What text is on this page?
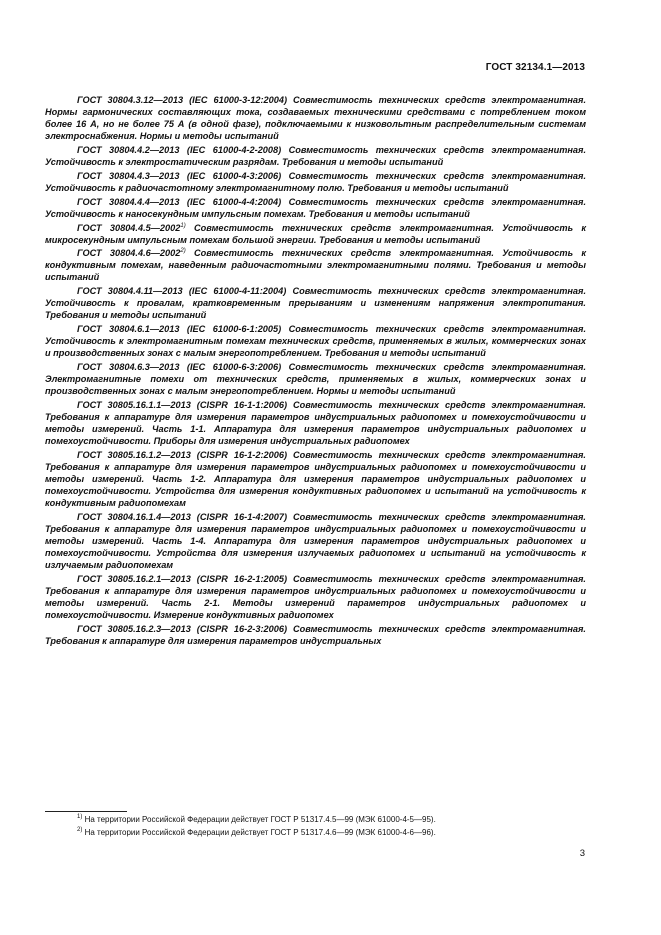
ГОСТ 32134.1—2013

ГОСТ 30804.3.12—2013 (IEC 61000-3-12:2004) Совместимость технических средств электромагнитная. Нормы гармонических составляющих тока, создаваемых техническими средствами с потреблением током более 16 А, но не более 75 А (в одной фазе), подключаемыми к низковольтным распределительным системам электроснабжения. Нормы и методы испытаний

ГОСТ 30804.4.2—2013 (IEC 61000-4-2-2008) Совместимость технических средств электромагнитная. Устойчивость к электростатическим разрядам. Требования и методы испытаний

ГОСТ 30804.4.3—2013 (IEC 61000-4-3:2006) Совместимость технических средств электромагнитная. Устойчивость к радиочастотному электромагнитному полю. Требования и методы испытаний

ГОСТ 30804.4.4—2013 (IEC 61000-4-4:2004) Совместимость технических средств электромагнитная. Устойчивость к наносекундным импульсным помехам. Требования и методы испытаний

ГОСТ 30804.4.5—2002$^{1)}$ Совместимость технических средств электромагнитная. Устойчивость к микросекундным импульсным помехам большой энергии. Требования и методы испытаний

ГОСТ 30804.4.6—2002$^{2)}$ Совместимость технических средств электромагнитная. Устойчивость к кондуктивным помехам, наведенным радиочастотными электромагнитными полями. Требования и методы испытаний

ГОСТ 30804.4.11—2013 (IEC 61000-4-11:2004) Совместимость технических средств электромагнитная. Устойчивость к провалам, кратковременным прерываниям и изменениям напряжения электропитания. Требования и методы испытаний

ГОСТ 30804.6.1—2013 (IEC 61000-6-1:2005) Совместимость технических средств электромагнитная. Устойчивость к электромагнитным помехам технических средств, применяемых в жилых, коммерческих зонах и производственных зонах с малым энергопотреблением. Требования и методы испытаний

ГОСТ 30804.6.3—2013 (IEC 61000-6-3:2006) Совместимость технических средств электромагнитная. Электромагнитные помехи от технических средств, применяемых в жилых, коммерческих зонах и производственных зонах с малым энергопотреблением. Нормы и методы испытаний

ГОСТ 30805.16.1.1—2013 (CISPR 16-1-1:2006) Совместимость технических средств электромагнитная. Требования к аппаратуре для измерения параметров индустриальных радиопомех и помехоустойчивости и методы измерений. Часть 1-1. Аппаратура для измерения параметров индустриальных радиопомех и помехоустойчивости. Приборы для измерения индустриальных радиопомех

ГОСТ 30805.16.1.2—2013 (CISPR 16-1-2:2006) Совместимость технических средств электромагнитная. Требования к аппаратуре для измерения параметров индустриальных радиопомех и помехоустойчивости и методы измерений. Часть 1-2. Аппаратура для измерения параметров индустриальных радиопомех и помехоустойчивости. Устройства для измерения кондуктивных радиопомех и испытаний на устойчивость к кондуктивным радиопомехам

ГОСТ 30804.16.1.4—2013 (CISPR 16-1-4:2007) Совместимость технических средств электромагнитная. Требования к аппаратуре для измерения параметров индустриальных радиопомех и помехоустойчивости и методы измерений. Часть 1-4. Аппаратура для измерения параметров индустриальных радиопомех и помехоустойчивости. Устройства для измерения излучаемых радиопомех и испытаний на устойчивость к излучаемым радиопомехам

ГОСТ 30805.16.2.1—2013 (CISPR 16-2-1:2005) Совместимость технических средств электромагнитная. Требования к аппаратуре для измерения параметров индустриальных радиопомех и помехоустойчивости и методы измерений. Часть 2-1. Методы измерений параметров индустриальных радиопомех и помехоустойчивости. Измерение кондуктивных радиопомех

ГОСТ 30805.16.2.3—2013 (CISPR 16-2-3:2006) Совместимость технических средств электромагнитная. Требования к аппаратуре для измерения параметров индустриальных

$^{1)}$ На территории Российской Федерации действует ГОСТ Р 51317.4.5—99 (МЭК 61000-4-5—95).

$^{2)}$ На территории Российской Федерации действует ГОСТ Р 51317.4.6—99 (МЭК 61000-4-6—96).

3
